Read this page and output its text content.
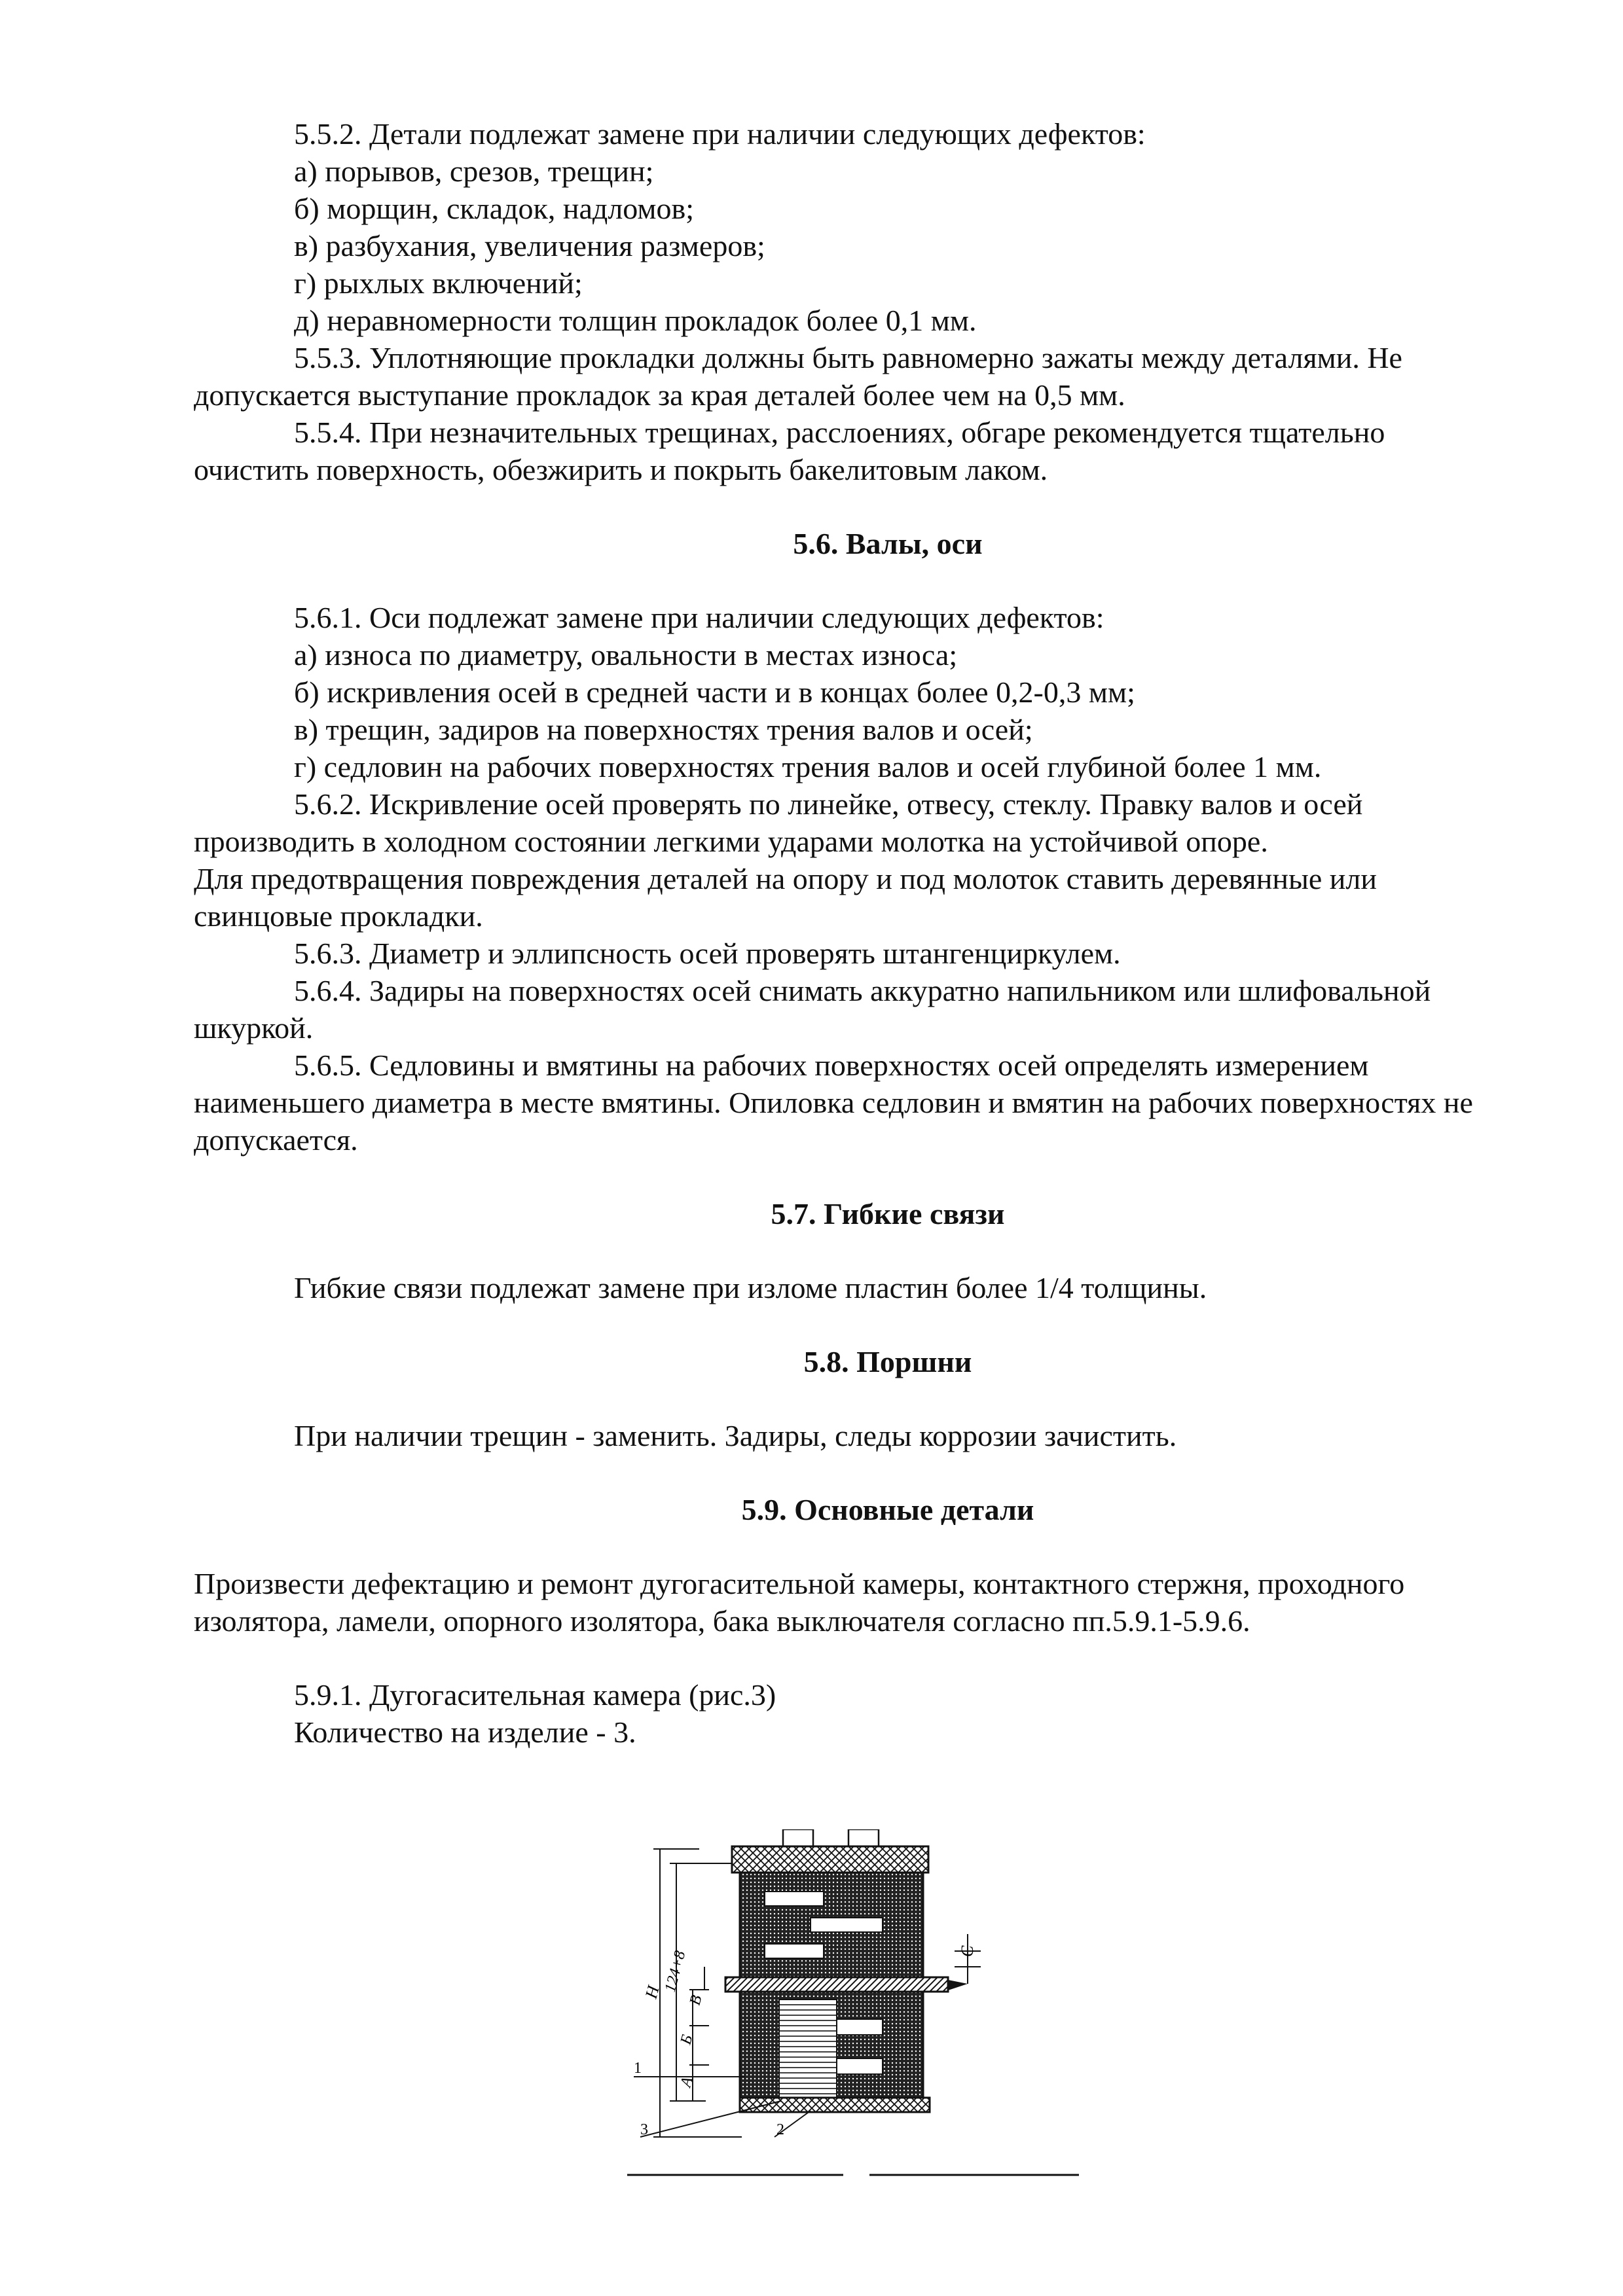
5.5.2. Детали подлежат замене при наличии следующих дефектов:

а) порывов, срезов, трещин;

б) морщин, складок, надломов;

в) разбухания, увеличения размеров;

г) рыхлых включений;

д) неравномерности толщин прокладок более 0,1 мм.

5.5.3. Уплотняющие прокладки должны быть равномерно зажаты между деталями. Не допускается выступание прокладок за края деталей более чем на 0,5 мм.

5.5.4. При незначительных трещинах, расслоениях, обгаре рекомендуется тщательно очистить поверхность, обезжирить и покрыть бакелитовым лаком.

5.6. Валы, оси

5.6.1. Оси подлежат замене при наличии следующих дефектов:

а) износа по диаметру, овальности в местах износа;

б) искривления осей в средней части и в концах более 0,2-0,3 мм;

в) трещин, задиров на поверхностях трения валов и осей;

г) седловин на рабочих поверхностях трения валов и осей глубиной более 1 мм.

5.6.2. Искривление осей проверять по линейке, отвесу, стеклу. Правку валов и осей производить в холодном состоянии легкими ударами молотка на устойчивой опоре.

Для предотвращения повреждения деталей на опору и под молоток ставить деревянные или свинцовые прокладки.

5.6.3. Диаметр и эллипсность осей проверять штангенциркулем.

5.6.4. Задиры на поверхностях осей снимать аккуратно напильником или шлифовальной шкуркой.

5.6.5. Седловины и вмятины на рабочих поверхностях осей определять измерением наименьшего диаметра в месте вмятины. Опиловка седловин и вмятин на рабочих поверхностях не допускается.

5.7. Гибкие связи

Гибкие связи подлежат замене при изломе пластин более 1/4 толщины.

5.8. Поршни

При наличии трещин - заменить. Задиры, следы коррозии зачистить.

5.9. Основные детали

Произвести дефектацию и ремонт дугогасительной камеры, контактного стержня, проходного изолятора, ламели, опорного изолятора, бака выключателя согласно пп.5.9.1-5.9.6.

5.9.1. Дугогасительная камера (рис.3)

Количество на изделие - 3.

H
124+8
А
Б
В
С
1
3	2
